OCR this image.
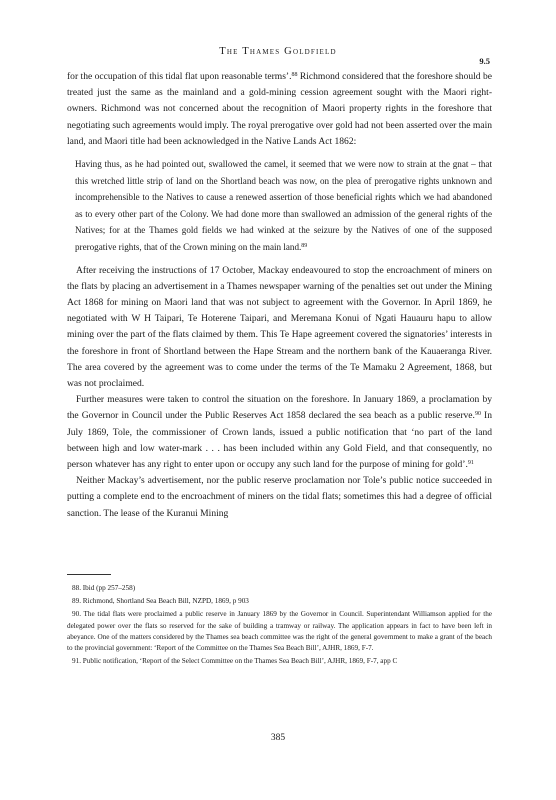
The Thames Goldfield
9.5

for the occupation of this tidal flat upon reasonable terms’.$^{88}$ Richmond considered that the foreshore should be treated just the same as the mainland and a gold-mining cession agreement sought with the Maori right-owners. Richmond was not concerned about the recognition of Maori property rights in the foreshore that negotiating such agreements would imply. The royal prerogative over gold had not been asserted over the main land, and Maori title had been acknowledged in the Native Lands Act 1862:

Having thus, as he had pointed out, swallowed the camel, it seemed that we were now to strain at the gnat – that this wretched little strip of land on the Shortland beach was now, on the plea of prerogative rights unknown and incomprehensible to the Natives to cause a renewed assertion of those beneficial rights which we had abandoned as to every other part of the Colony. We had done more than swallowed an admission of the general rights of the Natives; for at the Thames gold fields we had winked at the seizure by the Natives of one of the supposed prerogative rights, that of the Crown mining on the main land.$^{89}$

After receiving the instructions of 17 October, Mackay endeavoured to stop the encroachment of miners on the flats by placing an advertisement in a Thames newspaper warning of the penalties set out under the Mining Act 1868 for mining on Maori land that was not subject to agreement with the Governor. In April 1869, he negotiated with W H Taipari, Te Hoterene Taipari, and Meremana Konui of Ngati Hauauru hapu to allow mining over the part of the flats claimed by them. This Te Hape agreement covered the signatories’ interests in the foreshore in front of Shortland between the Hape Stream and the northern bank of the Kauaeranga River. The area covered by the agreement was to come under the terms of the Te Mamaku 2 Agreement, 1868, but was not proclaimed.

Further measures were taken to control the situation on the foreshore. In January 1869, a proclamation by the Governor in Council under the Public Reserves Act 1858 declared the sea beach as a public reserve.$^{90}$ In July 1869, Tole, the commissioner of Crown lands, issued a public notification that ‘no part of the land between high and low water-mark . . . has been included within any Gold Field, and that consequently, no person whatever has any right to enter upon or occupy any such land for the purpose of mining for gold’.$^{91}$

Neither Mackay’s advertisement, nor the public reserve proclamation nor Tole’s public notice succeeded in putting a complete end to the encroachment of miners on the tidal flats; sometimes this had a degree of official sanction. The lease of the Kuranui Mining

88. Ibid (pp 257–258)

89. Richmond, Shortland Sea Beach Bill, NZPD, 1869, p 903

90. The tidal flats were proclaimed a public reserve in January 1869 by the Governor in Council. Superintendant Williamson applied for the delegated power over the flats so reserved for the sake of building a tramway or railway. The application appears in fact to have been left in abeyance. One of the matters considered by the Thames sea beach committee was the right of the general government to make a grant of the beach to the provincial government: ‘Report of the Committee on the Thames Sea Beach Bill’, AJHR, 1869, F-7.

91. Public notification, ‘Report of the Select Committee on the Thames Sea Beach Bill’, AJHR, 1869, F-7, app C

385
